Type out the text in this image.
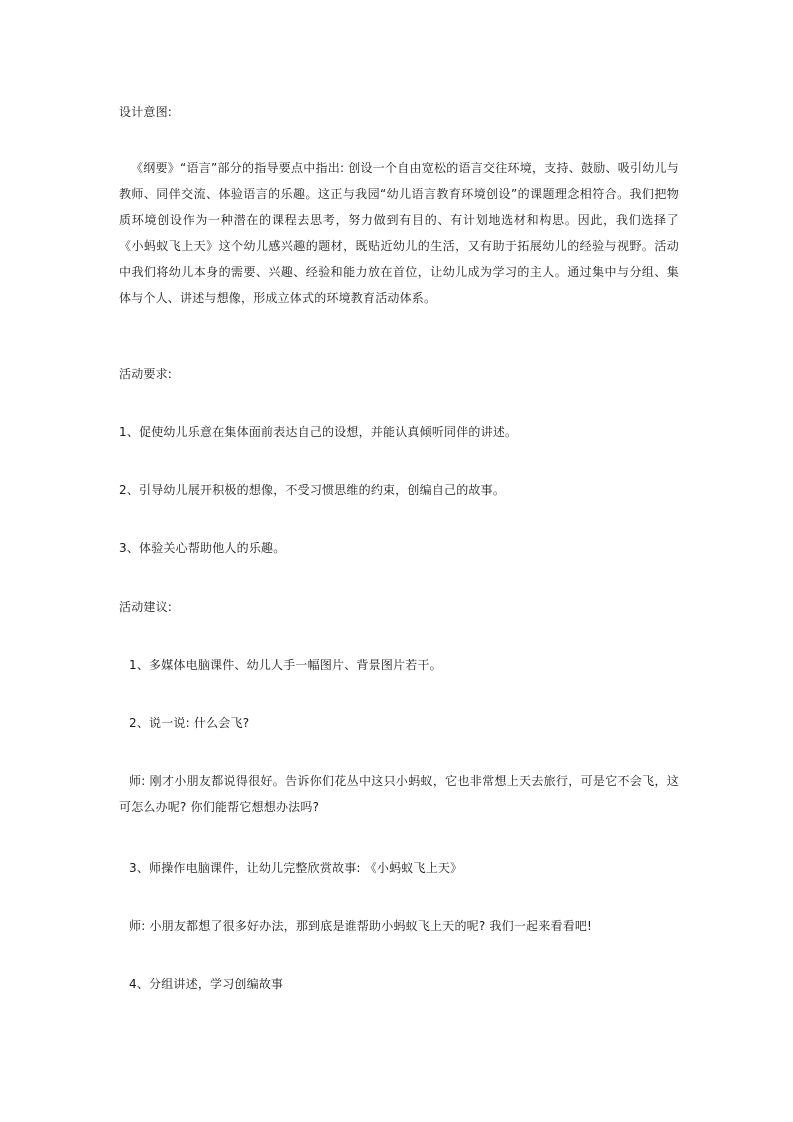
设计意图:
《纲要》“语言”部分的指导要点中指出: 创设一个自由宽松的语言交往环境，支持、鼓励、吸引幼儿与教师、同伴交流、体验语言的乐趣。这正与我园“幼儿语言教育环境创设”的课题理念相符合。我们把物质环境创设作为一种潜在的课程去思考，努力做到有目的、有计划地选材和构思。因此，我们选择了《小蚂蚁飞上天》这个幼儿感兴趣的题材，既贴近幼儿的生活，又有助于拓展幼儿的经验与视野。活动中我们将幼儿本身的需要、兴趣、经验和能力放在首位，让幼儿成为学习的主人。通过集中与分组、集体与个人、讲述与想像，形成立体式的环境教育活动体系。
活动要求:
1、促使幼儿乐意在集体面前表达自己的设想，并能认真倾听同伴的讲述。
2、引导幼儿展开积极的想像，不受习惯思维的约束，创编自己的故事。
3、体验关心帮助他人的乐趣。
活动建议:
1、多媒体电脑课件、幼儿人手一幅图片、背景图片若干。
2、说一说: 什么会飞?
师: 刚才小朋友都说得很好。告诉你们花丛中这只小蚂蚁，它也非常想上天去旅行，可是它不会飞，这可怎么办呢? 你们能帮它想想办法吗?
3、师操作电脑课件，让幼儿完整欣赏故事: 《小蚂蚁飞上天》
师: 小朋友都想了很多好办法，那到底是谁帮助小蚂蚁飞上天的呢? 我们一起来看看吧!
4、分组讲述，学习创编故事
